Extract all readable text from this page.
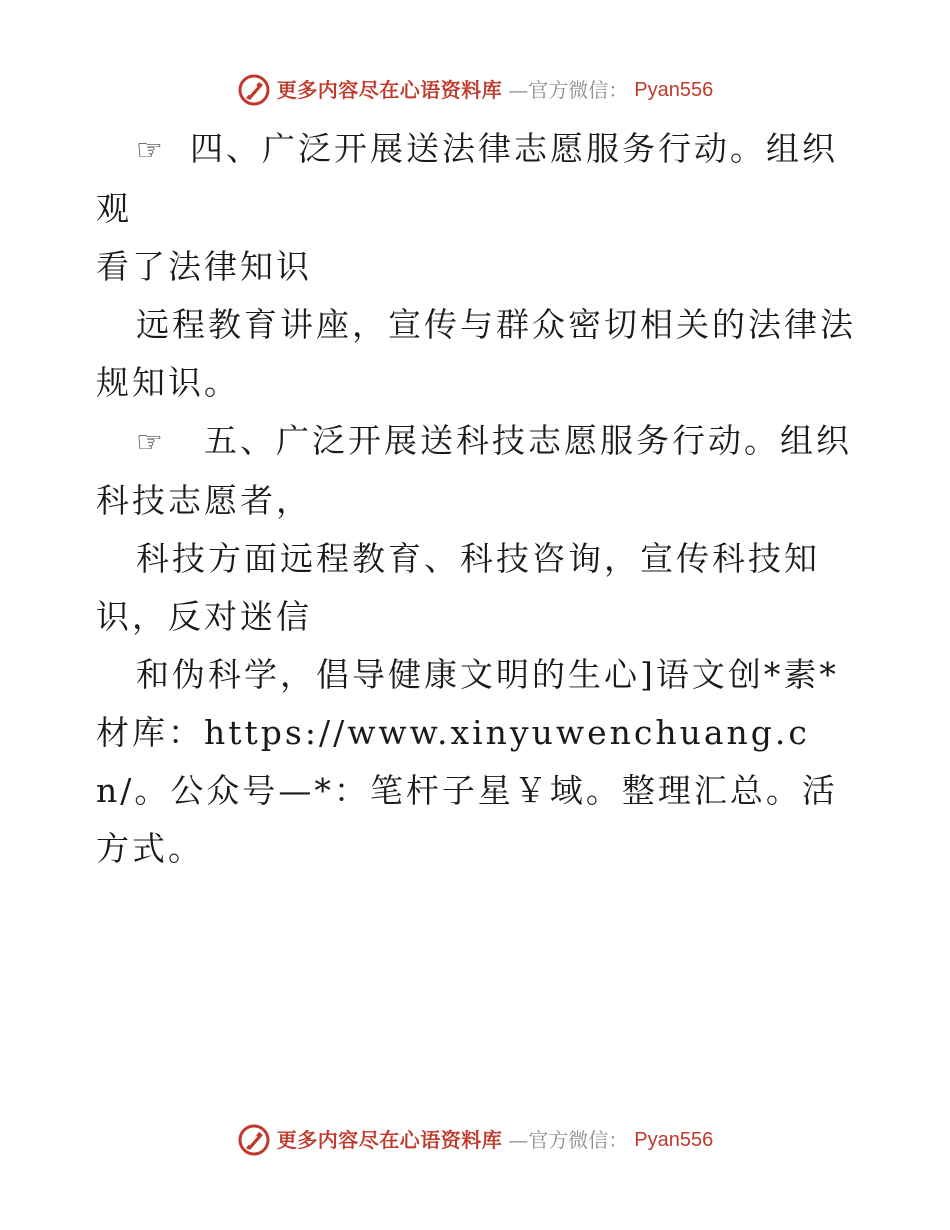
更多内容尽在心语资料库 —官方微信： Pyan556

☞ 四、广泛开展送法律志愿服务行动。组织观

看了法律知识

远程教育讲座，宣传与群众密切相关的法律法规知识。

☞ 五、广泛开展送科技志愿服务行动。组织

科技志愿者，

科技方面远程教育、科技咨询，宣传科技知识，反对迷信

和伪科学，倡导健康文明的生心]语文创*素*材库：https://www.xinyuwenchuang.cn/。公众号—*：笔杆子星￥域。整理汇总。活方式。

更多内容尽在心语资料库 —官方微信： Pyan556
